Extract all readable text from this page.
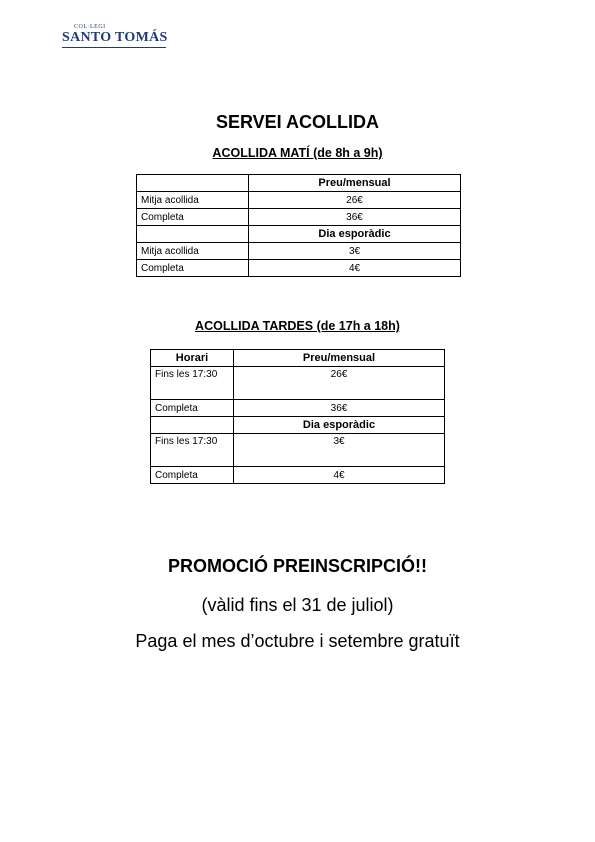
COL·LEGI
SANTO TOMÁS
SERVEI ACOLLIDA
ACOLLIDA MATÍ (de 8h a 9h)
	Preu/mensual
Mitja acollida	26€
Completa	36€
	Dia esporàdic
Mitja acollida	3€
Completa	4€
ACOLLIDA TARDES (de 17h a 18h)
Horari	Preu/mensual
Fins les 17:30	26€
Completa	36€
	Dia esporàdic
Fins les 17:30	3€
Completa	4€
PROMOCIÓ PREINSCRIPCIÓ!!
(vàlid fins el 31 de juliol)
Paga el mes d’octubre i setembre gratuït
